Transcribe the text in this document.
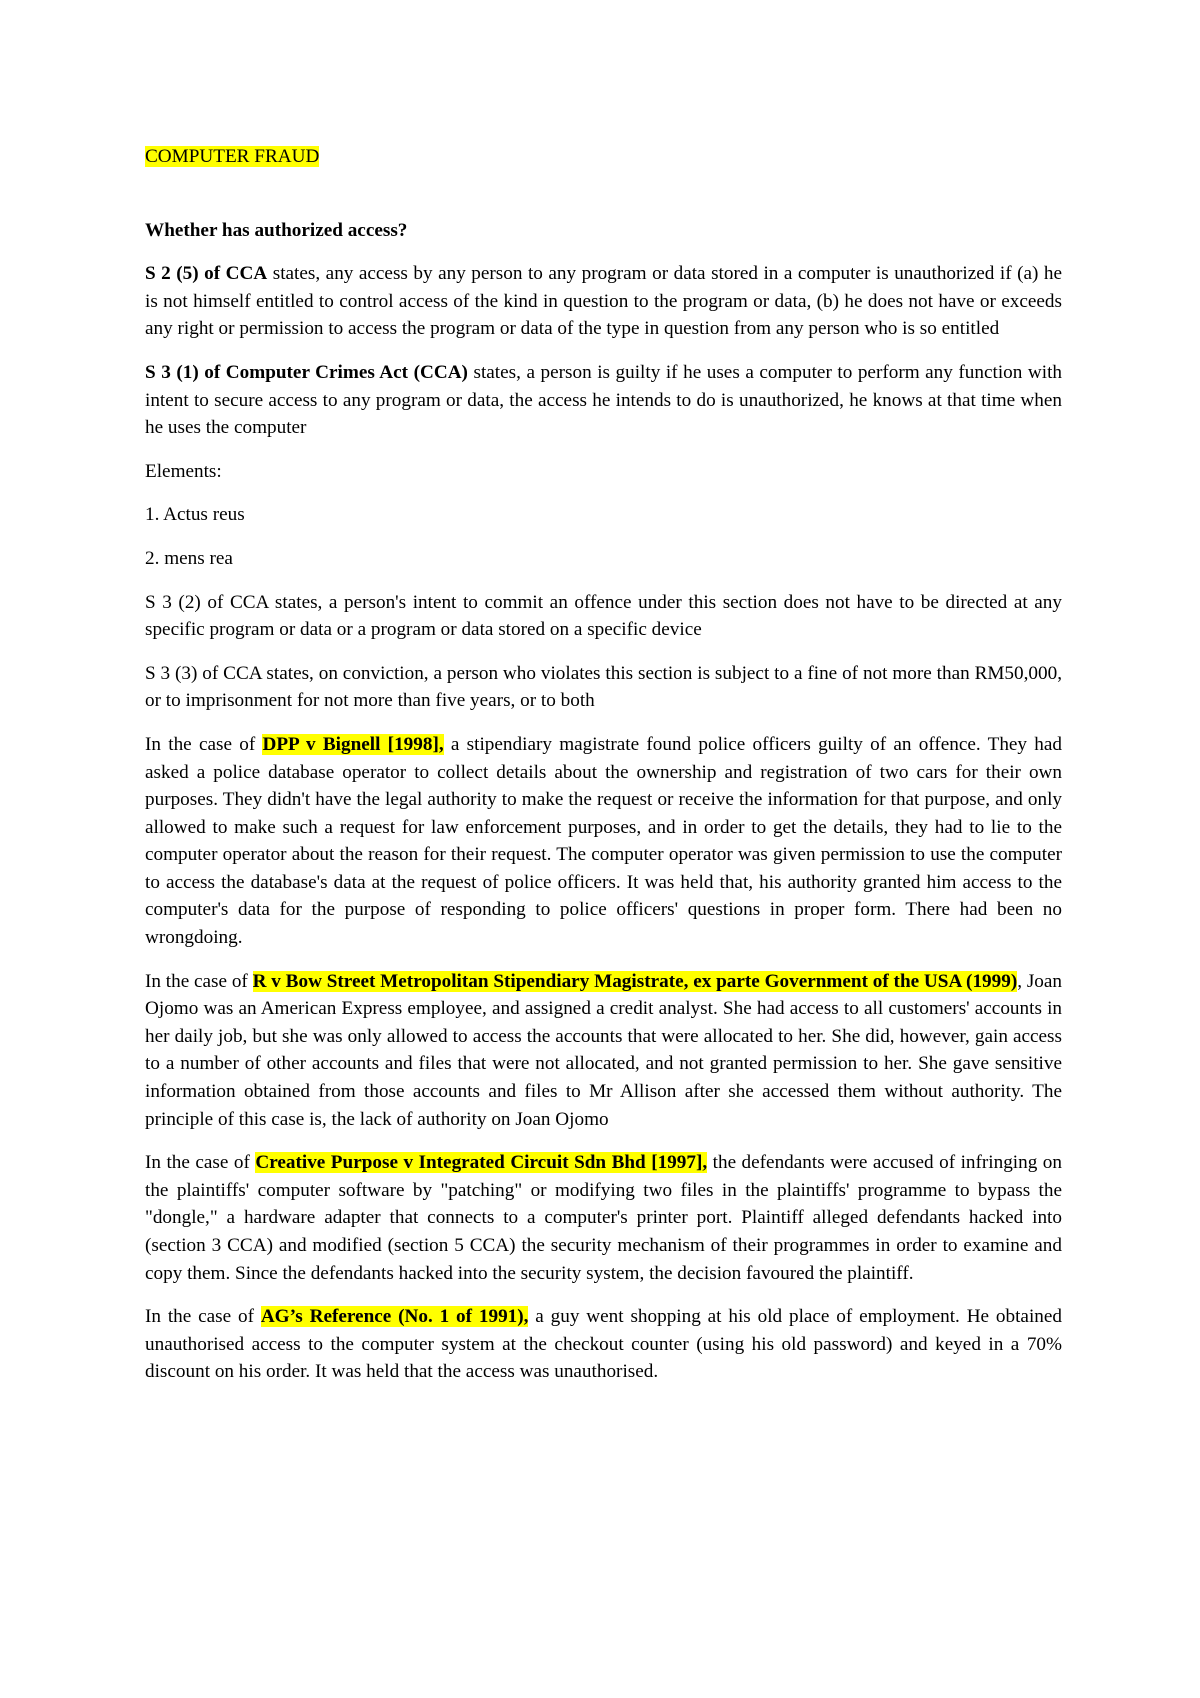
COMPUTER FRAUD

Whether has authorized access?

S 2 (5) of CCA states, any access by any person to any program or data stored in a computer is unauthorized if (a) he is not himself entitled to control access of the kind in question to the program or data, (b) he does not have or exceeds any right or permission to access the program or data of the type in question from any person who is so entitled

S 3 (1) of Computer Crimes Act (CCA) states, a person is guilty if he uses a computer to perform any function with intent to secure access to any program or data, the access he intends to do is unauthorized, he knows at that time when he uses the computer

Elements:

1. Actus reus

2. mens rea

S 3 (2) of CCA states, a person's intent to commit an offence under this section does not have to be directed at any specific program or data or a program or data stored on a specific device

S 3 (3) of CCA states, on conviction, a person who violates this section is subject to a fine of not more than RM50,000, or to imprisonment for not more than five years, or to both

In the case of DPP v Bignell [1998], a stipendiary magistrate found police officers guilty of an offence. They had asked a police database operator to collect details about the ownership and registration of two cars for their own purposes. They didn't have the legal authority to make the request or receive the information for that purpose, and only allowed to make such a request for law enforcement purposes, and in order to get the details, they had to lie to the computer operator about the reason for their request. The computer operator was given permission to use the computer to access the database's data at the request of police officers. It was held that, his authority granted him access to the computer's data for the purpose of responding to police officers' questions in proper form. There had been no wrongdoing.

In the case of R v Bow Street Metropolitan Stipendiary Magistrate, ex parte Government of the USA (1999), Joan Ojomo was an American Express employee, and assigned a credit analyst. She had access to all customers' accounts in her daily job, but she was only allowed to access the accounts that were allocated to her. She did, however, gain access to a number of other accounts and files that were not allocated, and not granted permission to her. She gave sensitive information obtained from those accounts and files to Mr Allison after she accessed them without authority. The principle of this case is, the lack of authority on Joan Ojomo

In the case of Creative Purpose v Integrated Circuit Sdn Bhd [1997], the defendants were accused of infringing on the plaintiffs' computer software by "patching" or modifying two files in the plaintiffs' programme to bypass the "dongle," a hardware adapter that connects to a computer's printer port. Plaintiff alleged defendants hacked into (section 3 CCA) and modified (section 5 CCA) the security mechanism of their programmes in order to examine and copy them. Since the defendants hacked into the security system, the decision favoured the plaintiff.

In the case of AG’s Reference (No. 1 of 1991), a guy went shopping at his old place of employment. He obtained unauthorised access to the computer system at the checkout counter (using his old password) and keyed in a 70% discount on his order. It was held that the access was unauthorised.
